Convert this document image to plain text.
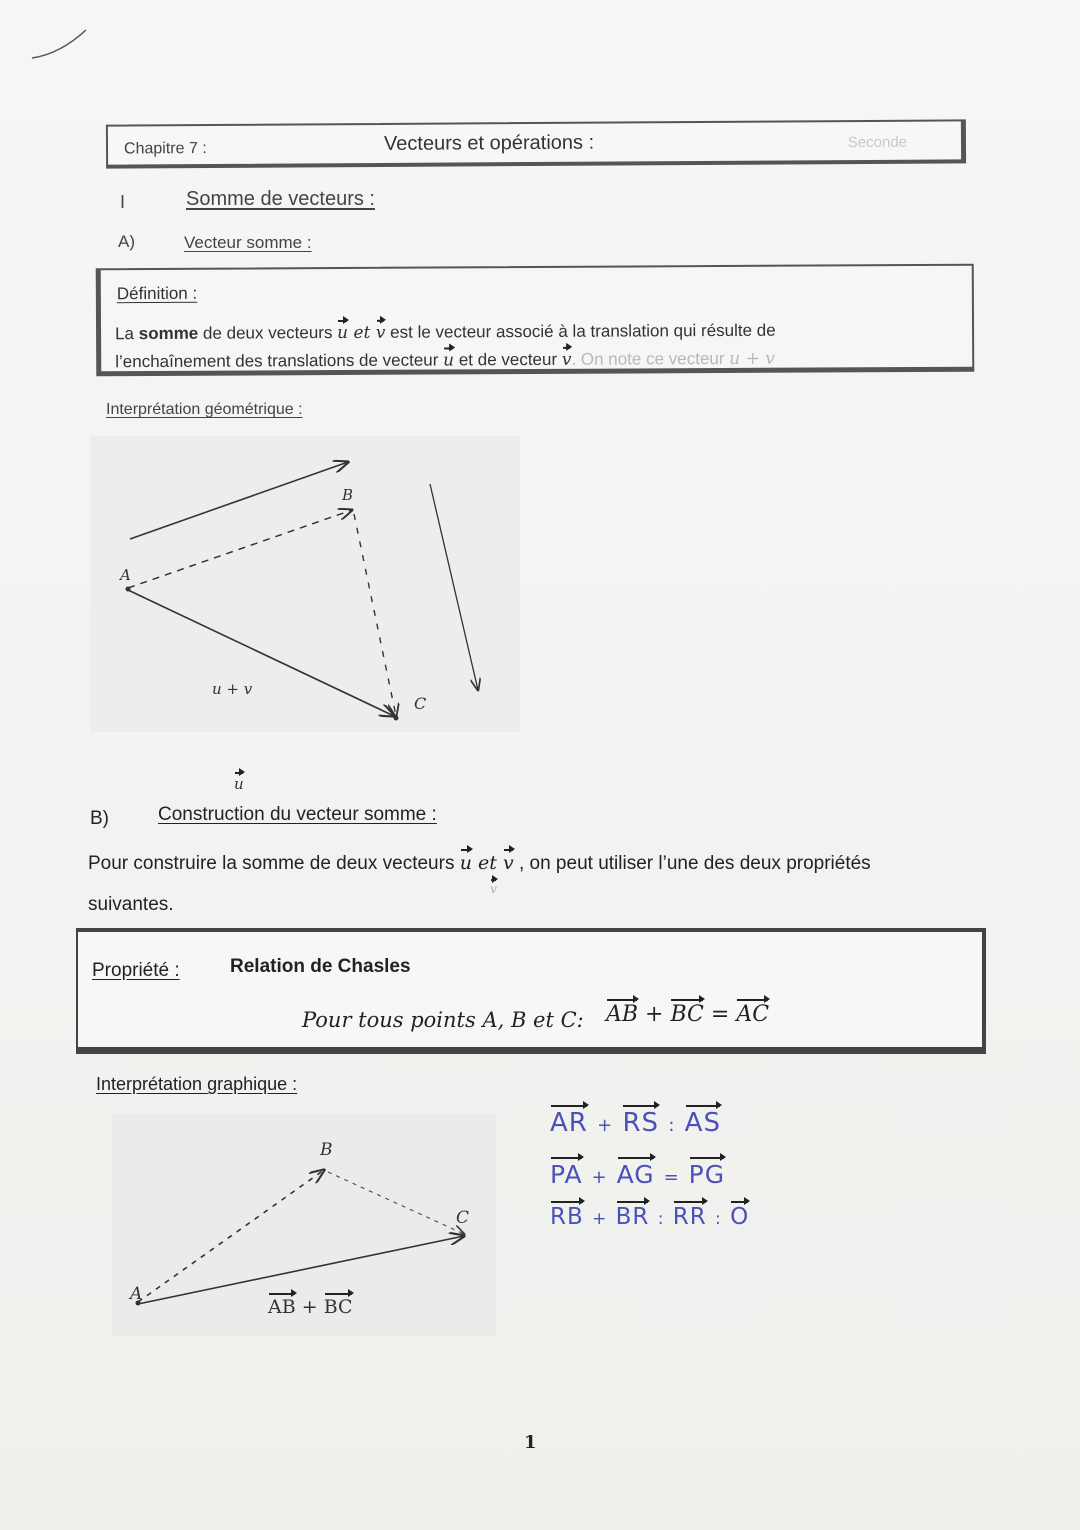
Chapitre 7 :	Vecteurs et opérations :	Seconde
I	Somme de vecteurs :
A)	Vecteur somme :
Définition :
La somme de deux vecteurs u et v est le vecteur associé à la translation qui résulte de
l’enchaînement des translations de vecteur u et de vecteur v. On note ce vecteur u + v
Interprétation géométrique :
u
B
A
v
u + v
C
B)	Construction du vecteur somme :
Pour construire la somme de deux vecteurs u et v , on peut utiliser l’une des deux propriétés
suivantes.
Propriété :	Relation de Chasles
Pour tous points A, B et C: AB + BC = AC
Interprétation graphique :
B
C
A
AB + BC
AR + RS : AS
PA + AG = PG
RB + BR : RR : O
1
